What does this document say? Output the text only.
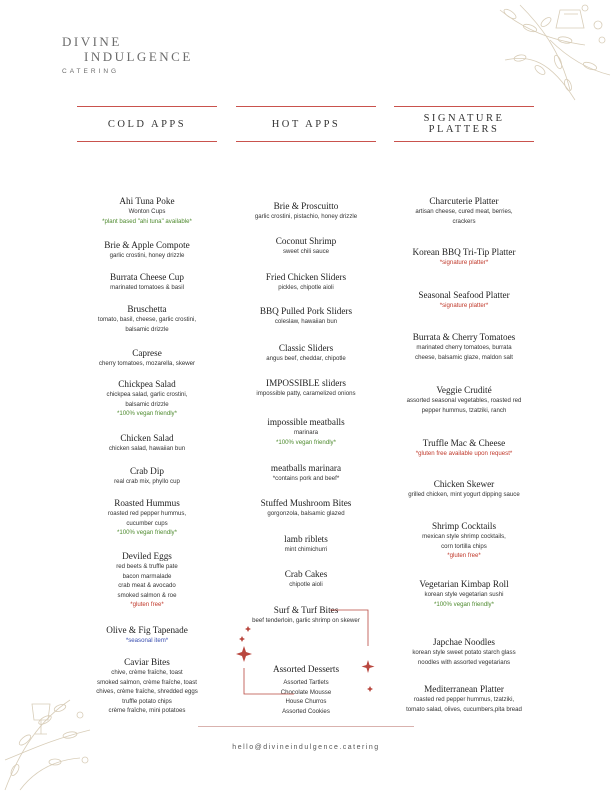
DIVINE
INDULGENCE
CATERING
COLD APPS
Ahi Tuna Poke
Wonton Cups
*plant based "ahi tuna" available*
Brie & Apple Compote
garlic crostini, honey drizzle
Burrata Cheese Cup
marinated tomatoes & basil
Bruschetta
tomato, basil, cheese, garlic crostini,
balsamic drizzle
Caprese
cherry tomatoes, mozarella, skewer
Chickpea Salad
chickpea salad, garlic crostini,
balsamic drizzle
*100% vegan friendly*
Chicken Salad
chicken salad, hawaiian bun
Crab Dip
real crab mix, phyllo cup
Roasted Hummus
roasted red pepper hummus,
cucumber cups
*100% vegan friendly*
Deviled Eggs
red beets & truffle pate
bacon marmalade
crab meat & avocado
smoked salmon & roe
*gluten free*
Olive & Fig Tapenade
*seasonal item*
Caviar Bites
chive, crème fraîche, toast
smoked salmon, crème fraîche, toast
chives, crème fraîche, shredded eggs
truffle potato chips
crème fraîche, mini potatoes
HOT APPS
Brie & Proscuitto
garlic crostini, pistachio, honey drizzle
Coconut Shrimp
sweet chili sauce
Fried Chicken Sliders
pickles, chipotle aioli
BBQ Pulled Pork Sliders
coleslaw, hawaiian bun
Classic Sliders
angus beef, cheddar, chipotle
IMPOSSIBLE sliders
impossible patty, caramelized onions
impossible meatballs
marinara
*100% vegan friendly*
meatballs marinara
*contains pork and beef*
Stuffed Mushroom Bites
gorgonzola, balsamic glazed
lamb riblets
mint chimichurri
Crab Cakes
chipotle aioli
Surf & Turf Bites
beef tenderloin, garlic shrimp on skewer
Assorted Desserts
Assorted Tartlets
Chocolate Mousse
House Churros
Assorted Cookies
SIGNATURE
PLATTERS
Charcuterie Platter
artisan cheese, cured meat, berries,
crackers
Korean BBQ Tri-Tip Platter
*signature platter*
Seasonal Seafood Platter
*signature platter*
Burrata & Cherry Tomatoes
marinated cherry tomatoes, burrata
cheese, balsamic glaze, maldon salt
Veggie Crudité
assorted seasonal vegetables, roasted red
pepper hummus, tzatziki, ranch
Truffle Mac & Cheese
*gluten free available upon request*
Chicken Skewer
grilled chicken, mint yogurt dipping sauce
Shrimp Cocktails
mexican style shrimp cocktails,
corn tortilla chips
*gluten free*
Vegetarian Kimbap Roll
korean style vegetarian sushi
*100% vegan friendly*
Japchae Noodles
korean style sweet potato starch glass
noodles with assorted vegetarians
Mediterranean Platter
roasted red pepper hummus, tzatziki,
tomato salad, olives, cucumbers,pita bread
hello@divineindulgence.catering
